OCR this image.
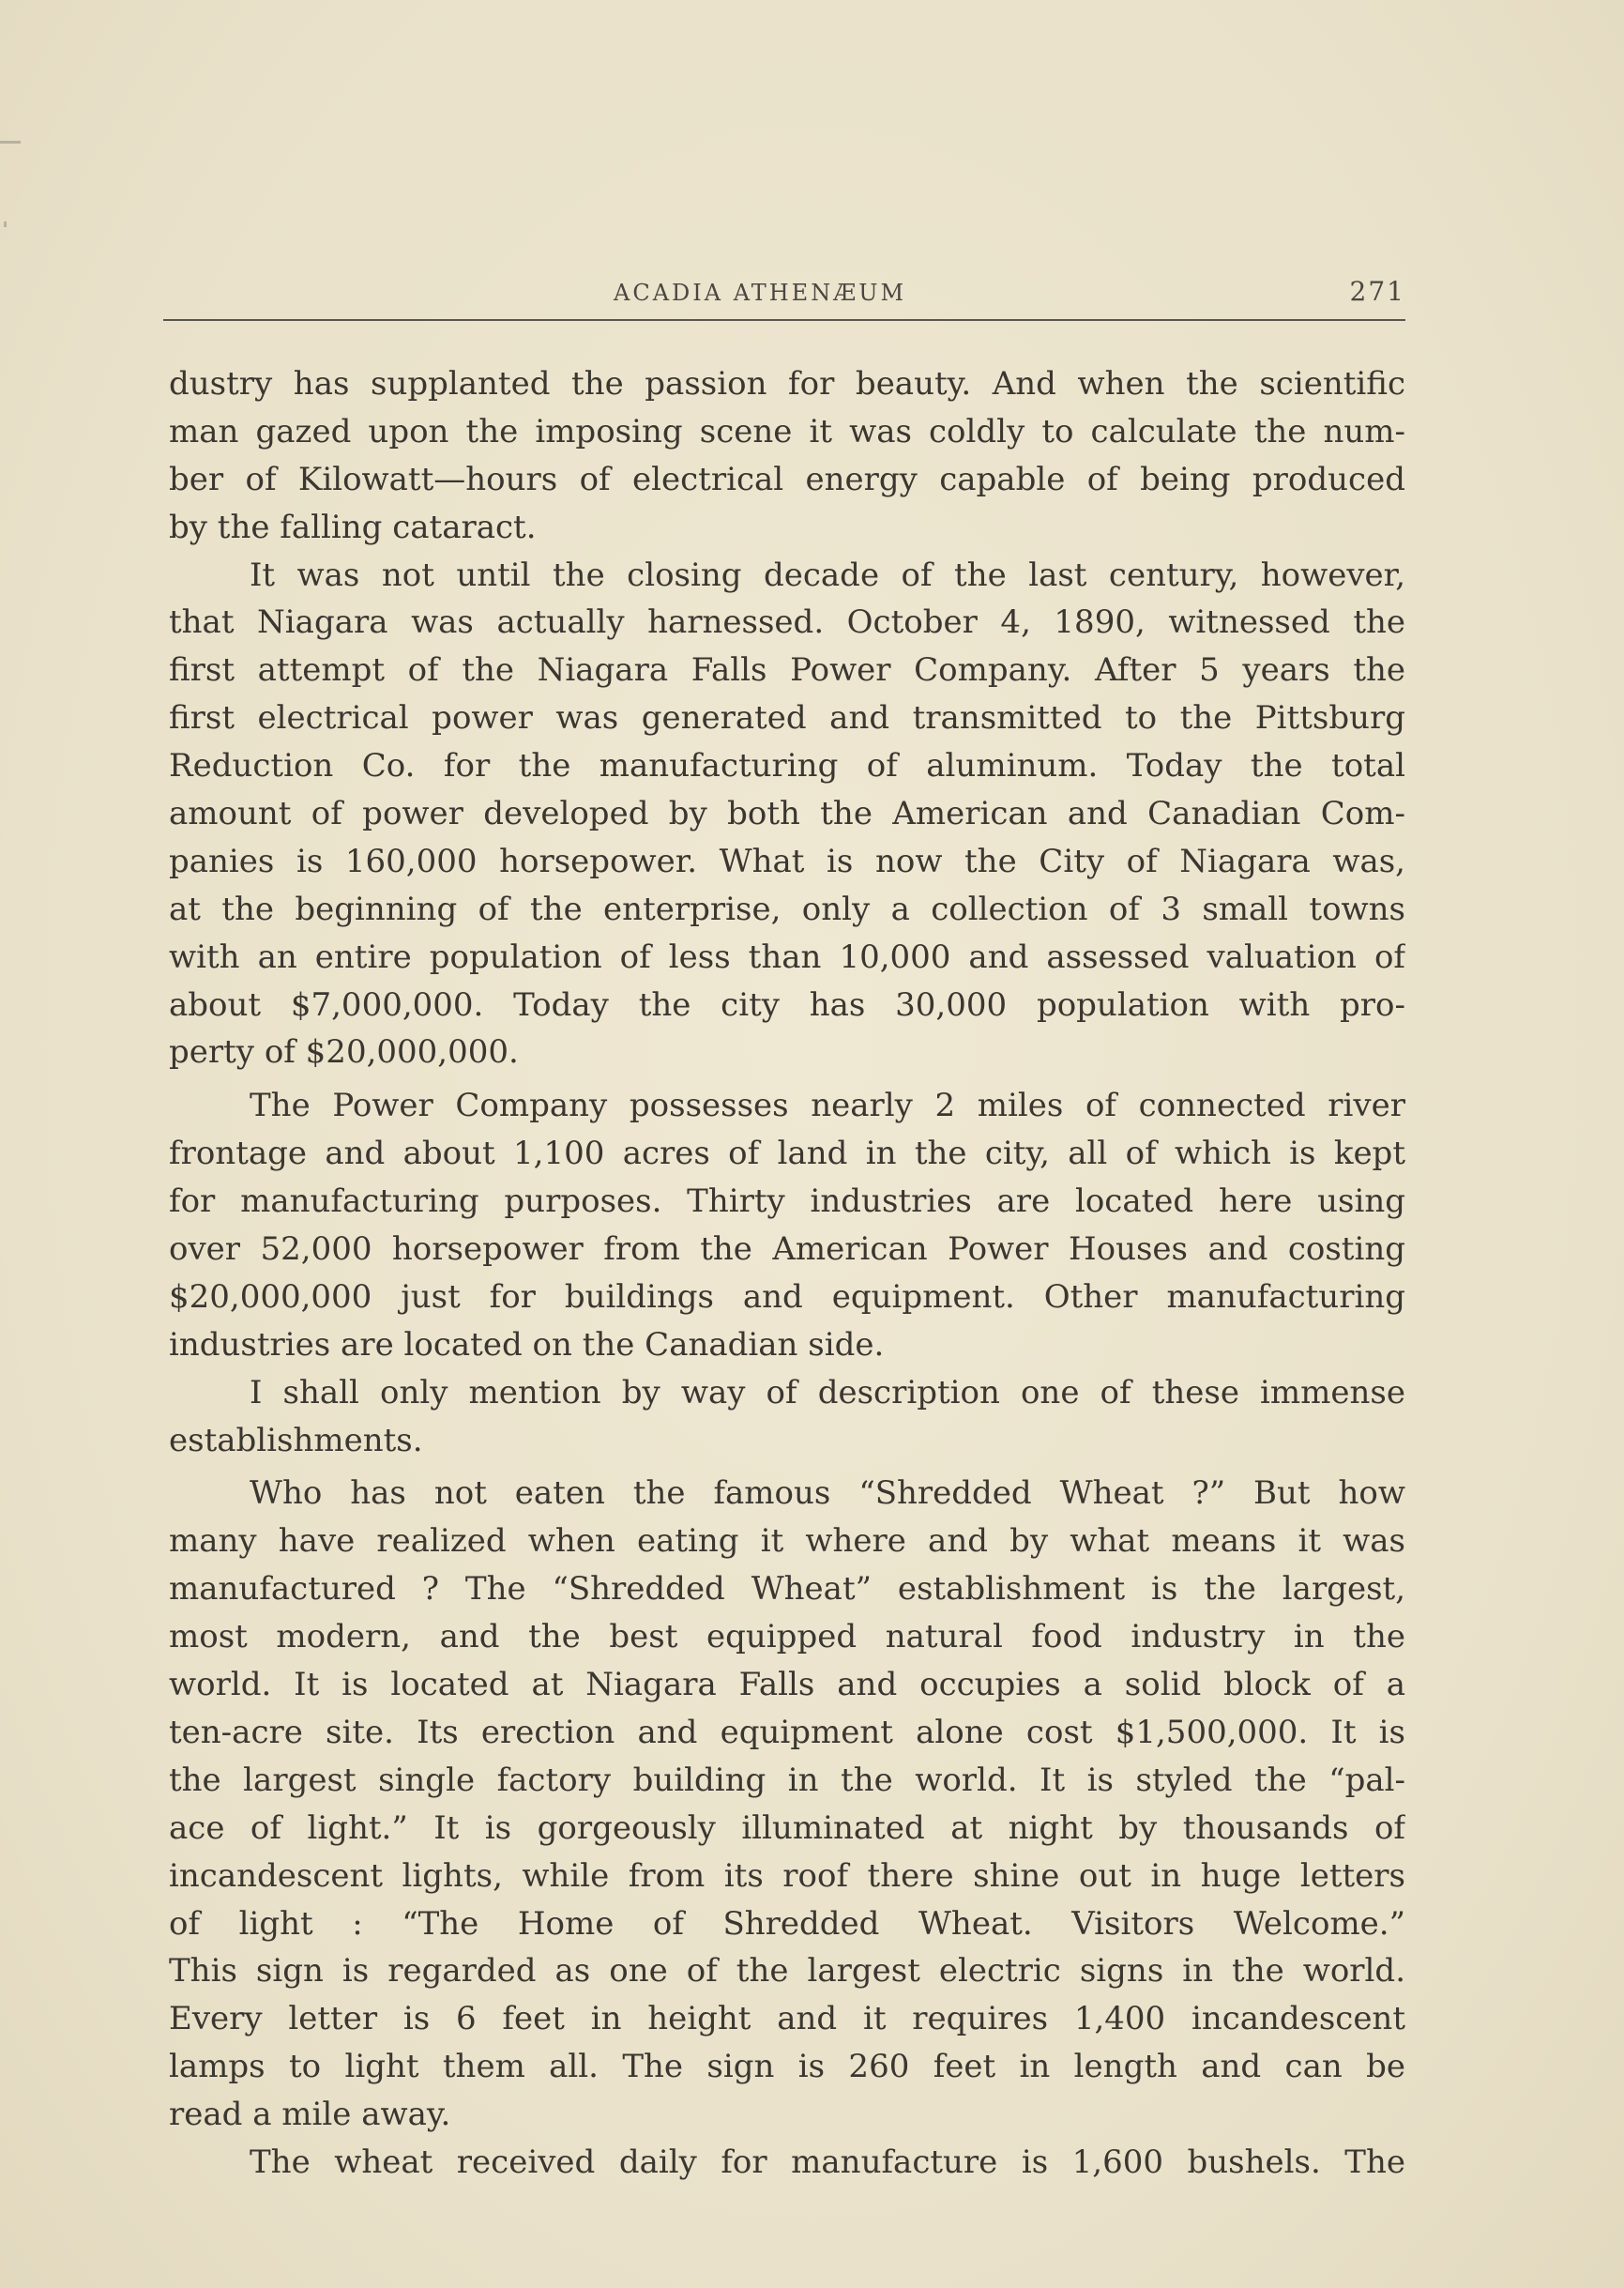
ACADIA ATHENÆUM	271
dustry has supplanted the passion for beauty. And when the scientific
man gazed upon the imposing scene it was coldly to calculate the num-
ber of Kilowatt—hours of electrical energy capable of being produced
by the falling cataract.
It was not until the closing decade of the last century, however,
that Niagara was actually harnessed. October 4, 1890, witnessed the
first attempt of the Niagara Falls Power Company. After 5 years the
first electrical power was generated and transmitted to the Pittsburg
Reduction Co. for the manufacturing of aluminum. Today the total
amount of power developed by both the American and Canadian Com-
panies is 160,000 horsepower. What is now the City of Niagara was,
at the beginning of the enterprise, only a collection of 3 small towns
with an entire population of less than 10,000 and assessed valuation of
about $7,000,000. Today the city has 30,000 population with pro-
perty of $20,000,000.
The Power Company possesses nearly 2 miles of connected river
frontage and about 1,100 acres of land in the city, all of which is kept
for manufacturing purposes. Thirty industries are located here using
over 52,000 horsepower from the American Power Houses and costing
$20,000,000 just for buildings and equipment. Other manufacturing
industries are located on the Canadian side.
I shall only mention by way of description one of these immense
establishments.
Who has not eaten the famous “Shredded Wheat ?” But how
many have realized when eating it where and by what means it was
manufactured ? The “Shredded Wheat” establishment is the largest,
most modern, and the best equipped natural food industry in the
world. It is located at Niagara Falls and occupies a solid block of a
ten-acre site. Its erection and equipment alone cost $1,500,000. It is
the largest single factory building in the world. It is styled the “pal-
ace of light.” It is gorgeously illuminated at night by thousands of
incandescent lights, while from its roof there shine out in huge letters
of light : “The Home of Shredded Wheat. Visitors Welcome.”
This sign is regarded as one of the largest electric signs in the world.
Every letter is 6 feet in height and it requires 1,400 incandescent
lamps to light them all. The sign is 260 feet in length and can be
read a mile away.
The wheat received daily for manufacture is 1,600 bushels. The
